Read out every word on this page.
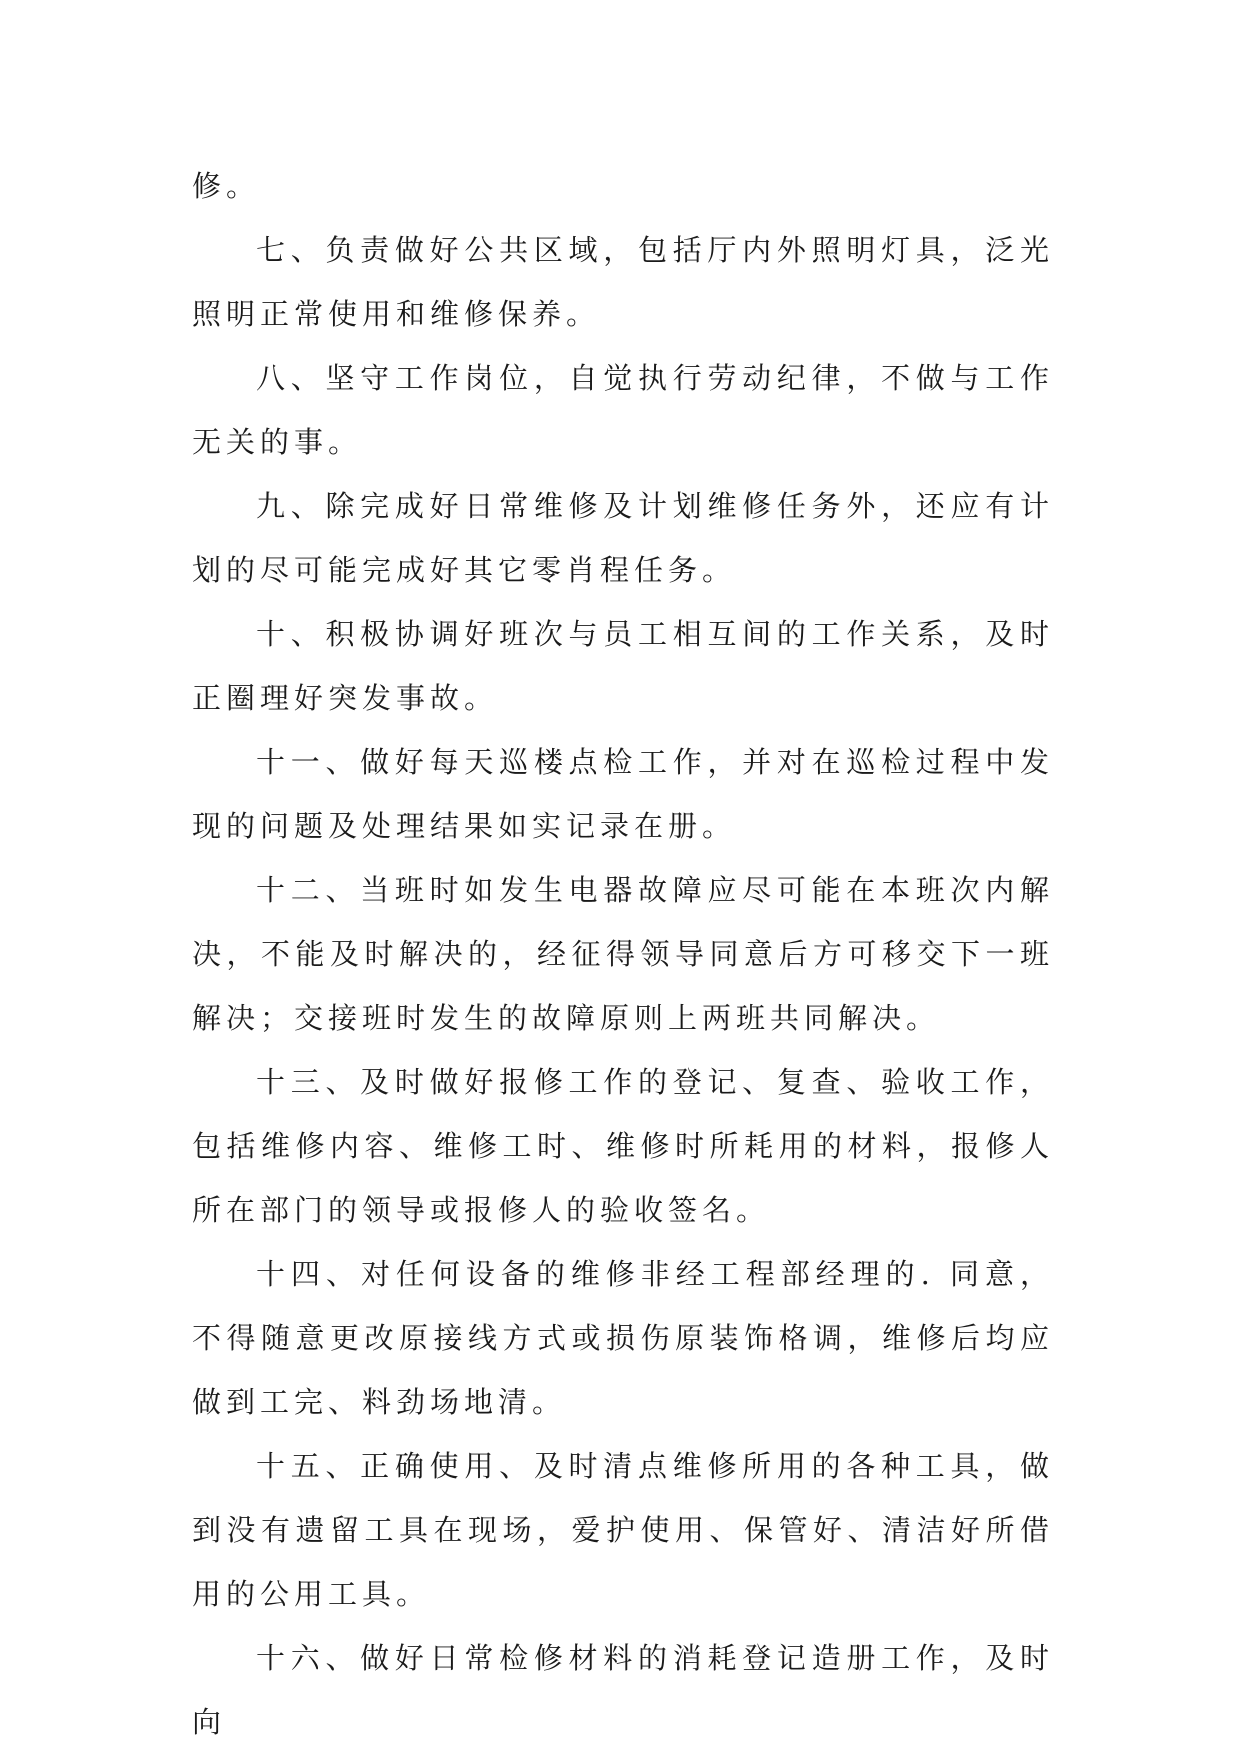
修。

七、负责做好公共区域，包括厅内外照明灯具，泛光照明正常使用和维修保养。

八、坚守工作岗位，自觉执行劳动纪律，不做与工作无关的事。

九、除完成好日常维修及计划维修任务外，还应有计划的尽可能完成好其它零肖程任务。

十、积极协调好班次与员工相互间的工作关系，及时正圈理好突发事故。

十一、做好每天巡楼点检工作，并对在巡检过程中发现的问题及处理结果如实记录在册。

十二、当班时如发生电器故障应尽可能在本班次内解决，不能及时解决的，经征得领导同意后方可移交下一班解决；交接班时发生的故障原则上两班共同解决。

十三、及时做好报修工作的登记、复查、验收工作，包括维修内容、维修工时、维修时所耗用的材料，报修人所在部门的领导或报修人的验收签名。

十四、对任何设备的维修非经工程部经理的. 同意，不得随意更改原接线方式或损伤原装饰格调，维修后均应做到工完、料劲场地清。

十五、正确使用、及时清点维修所用的各种工具，做到没有遗留工具在现场，爱护使用、保管好、清洁好所借用的公用工具。

十六、做好日常检修材料的消耗登记造册工作，及时向
